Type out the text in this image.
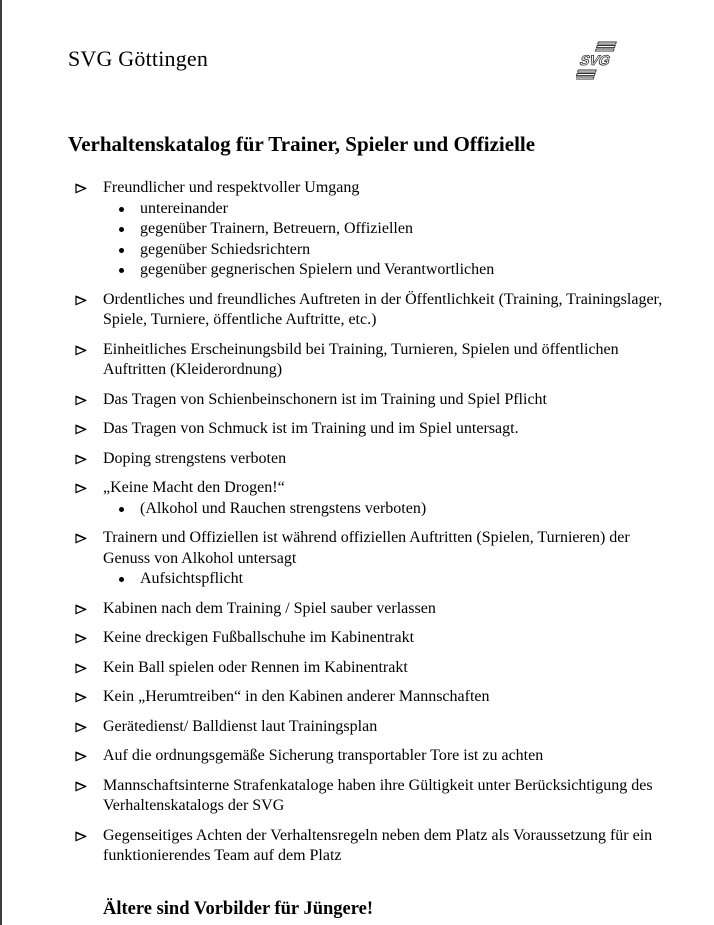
SVG Göttingen	SVG
Verhaltenskatalog für Trainer, Spieler und Offizielle
Freundlicher und respektvoller Umgang
untereinander
gegenüber Trainern, Betreuern, Offiziellen
gegenüber Schiedsrichtern
gegenüber gegnerischen Spielern und Verantwortlichen
Ordentliches und freundliches Auftreten in der Öffentlichkeit (Training, Trainingslager, Spiele, Turniere, öffentliche Auftritte, etc.)
Einheitliches Erscheinungsbild bei Training, Turnieren, Spielen und öffentlichen Auftritten (Kleiderordnung)
Das Tragen von Schienbeinschonern ist im Training und Spiel Pflicht
Das Tragen von Schmuck ist im Training und im Spiel untersagt.
Doping strengstens verboten
„Keine Macht den Drogen!“
(Alkohol und Rauchen strengstens verboten)
Trainern und Offiziellen ist während offiziellen Auftritten (Spielen, Turnieren) der Genuss von Alkohol untersagt
Aufsichtspflicht
Kabinen nach dem Training / Spiel sauber verlassen
Keine dreckigen Fußballschuhe im Kabinentrakt
Kein Ball spielen oder Rennen im Kabinentrakt
Kein „Herumtreiben“ in den Kabinen anderer Mannschaften
Gerätedienst/ Balldienst laut Trainingsplan
Auf die ordnungsgemäße Sicherung transportabler Tore ist zu achten
Mannschaftsinterne Strafenkataloge haben ihre Gültigkeit unter Berücksichtigung des Verhaltenskatalogs der SVG
Gegenseitiges Achten der Verhaltensregeln neben dem Platz als Voraussetzung für ein funktionierendes Team auf dem Platz
Ältere sind Vorbilder für Jüngere!
